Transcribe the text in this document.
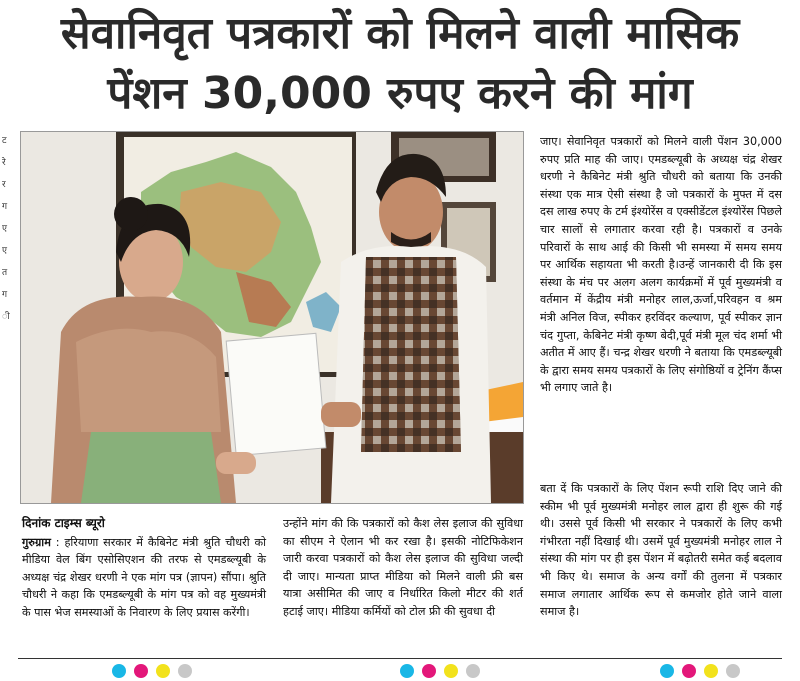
ट
रे
र
ग
ए
ए
त
ग
ी
सेवानिवृत पत्रकारों को मिलने वाली मासिक
पेंशन 30,000 रुपए करने की मांग

जाए। सेवानिवृत पत्रकारों को मिलने वाली पेंशन 30,000 रुपए प्रति माह की जाए। एमडब्ल्यूबी के अध्यक्ष चंद्र शेखर धरणी ने कैबिनेट मंत्री श्रुति चौधरी को बताया कि उनकी संस्था एक मात्र ऐसी संस्था है जो पत्रकारों के मुफ्त में दस दस लाख रुपए के टर्म इंश्योरेंस व एक्सीडेंटल इंश्योरेंस पिछले चार सालों से लगातार करवा रही है। पत्रकारों व उनके परिवारों के साथ आई की किसी भी समस्या में समय समय पर आर्थिक सहायता भी करती है।उन्हें जानकारी दी कि इस संस्था के मंच पर अलग अलग कार्यक्रमों में पूर्व मुख्यमंत्री व वर्तमान में केंद्रीय मंत्री मनोहर लाल,ऊर्जा,परिवहन व श्रम मंत्री अनिल विज, स्पीकर हरविंदर कल्याण, पूर्व स्पीकर ज्ञान चंद गुप्ता, केबिनेट मंत्री कृष्ण बेदी,पूर्व मंत्री मूल चंद शर्मा भी अतीत में आए हैं। चन्द्र शेखर धरणी ने बताया कि एमडब्ल्यूबी के द्वारा समय समय पत्रकारों के लिए संगोष्ठियों व ट्रेनिंग कैंप्स भी लगाए जाते है।

दिनांक टाइम्स ब्यूरो

गुरुग्राम : हरियाणा सरकार में कैबिनेट मंत्री श्रुति चौधरी को मीडिया वेल बिंग एसोसिएशन की तरफ से एमडब्ल्यूबी के अध्यक्ष चंद्र शेखर धरणी ने एक मांग पत्र (ज्ञापन) सौंपा। श्रुति चौधरी ने कहा कि एमडब्ल्यूबी के मांग पत्र को वह मुख्यमंत्री के पास भेज समस्याओं के निवारण के लिए प्रयास करेंगी।

उन्होंने मांग की कि पत्रकारों को कैश लेस इलाज की सुविधा का सीएम ने ऐलान भी कर रखा है। इसकी नोटिफिकेशन जारी करवा पत्रकारों को कैश लेस इलाज की सुविधा जल्दी दी जाए। मान्यता प्राप्त मीडिया को मिलने वाली फ्री बस यात्रा असीमित की जाए व निर्धारित किलो मीटर की शर्त हटाई जाए। मीडिया कर्मियों को टोल फ्री की सुवधा दी

बता दें कि पत्रकारों के लिए पेंशन रूपी राशि दिए जाने की स्कीम भी पूर्व मुख्यमंत्री मनोहर लाल द्वारा ही शुरू की गई थी। उससे पूर्व किसी भी सरकार ने पत्रकारों के लिए कभी गंभीरता नहीं दिखाई थी। उसमें पूर्व मुख्यमंत्री मनोहर लाल ने संस्था की मांग पर ही इस पेंशन में बढ़ोतरी समेत कई बदलाव भी किए थे। समाज के अन्य वर्गों की तुलना में पत्रकार समाज लगातार आर्थिक रूप से कमजोर होते जाने वाला समाज है।
